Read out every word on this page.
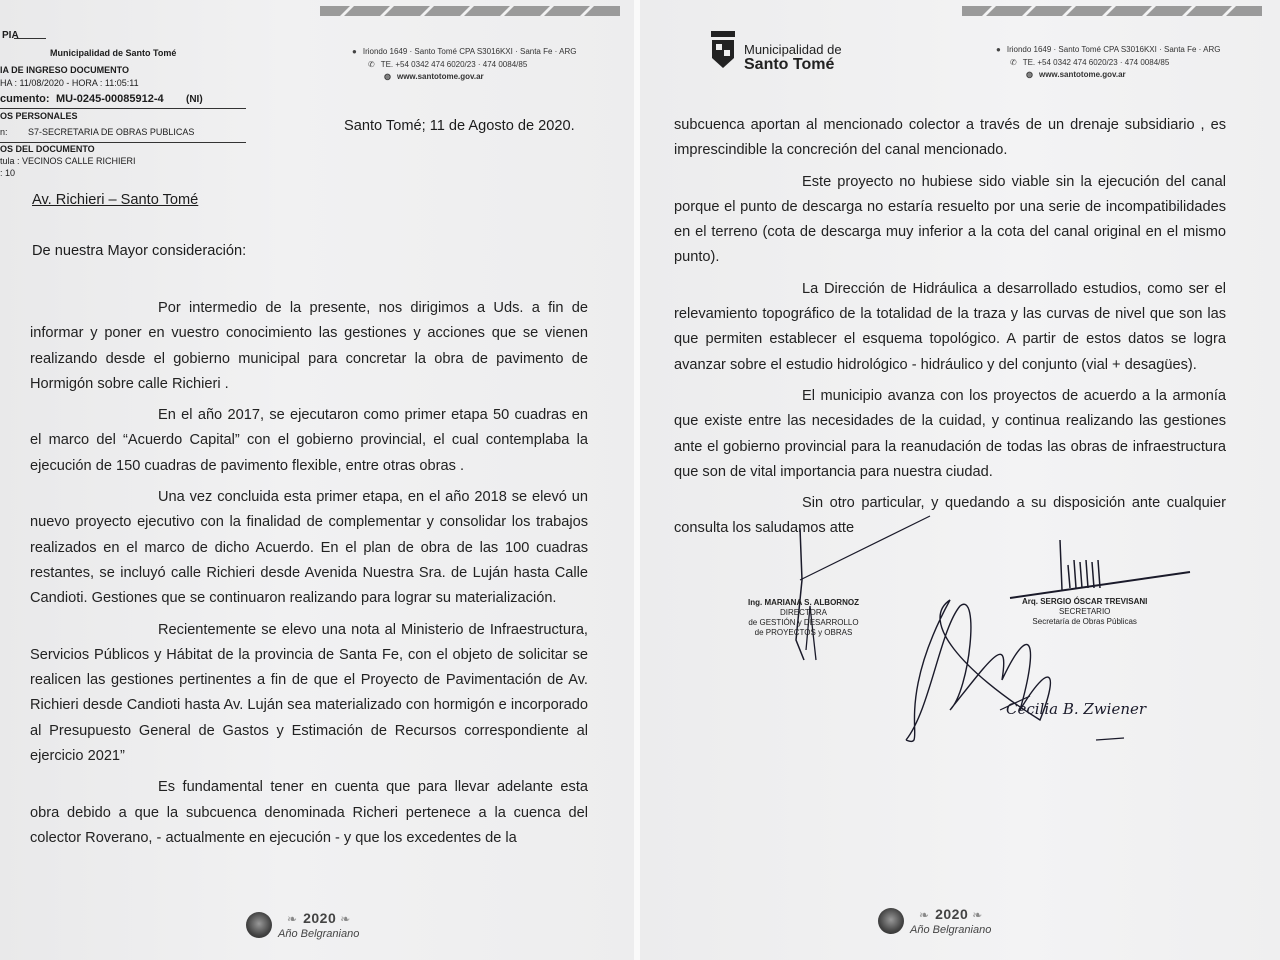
PIA
Municipalidad de Santo Tomé
IA DE INGRESO DOCUMENTO
HA : 11/08/2020 - HORA : 11:05:11
cumento: MU-0245-00085912-4 (NI)
OS PERSONALES
n: S7-SECRETARIA DE OBRAS PUBLICAS
OS DEL DOCUMENTO
tula : VECINOS CALLE RICHIERI
: 10
● Iriondo 1649 · Santo Tomé CPA S3016KXI · Santa Fe · ARG
✆ TE. +54 0342 474 6020/23 · 474 0084/85
◍ www.santotome.gov.ar
Santo Tomé; 11 de Agosto de 2020.
Av. Richieri – Santo Tomé
De nuestra Mayor consideración:

Por intermedio de la presente, nos dirigimos a Uds. a fin de informar y poner en vuestro conocimiento las gestiones y acciones que se vienen realizando desde el gobierno municipal para concretar la obra de pavimento de Hormigón sobre calle Richieri .

En el año 2017, se ejecutaron como primer etapa 50 cuadras en el marco del “Acuerdo Capital” con el gobierno provincial, el cual contemplaba la ejecución de 150 cuadras de pavimento flexible, entre otras obras .

Una vez concluida esta primer etapa, en el año 2018 se elevó un nuevo proyecto ejecutivo con la finalidad de complementar y consolidar los trabajos realizados en el marco de dicho Acuerdo. En el plan de obra de las 100 cuadras restantes, se incluyó calle Richieri desde Avenida Nuestra Sra. de Luján hasta Calle Candioti. Gestiones que se continuaron realizando para lograr su materialización.

Recientemente se elevo una nota al Ministerio de Infraestructura, Servicios Públicos y Hábitat de la provincia de Santa Fe, con el objeto de solicitar se realicen las gestiones pertinentes a fin de que el Proyecto de Pavimentación de Av. Richieri desde Candioti hasta Av. Luján sea materializado con hormigón e incorporado al Presupuesto General de Gastos y Estimación de Recursos correspondiente al ejercicio 2021”

Es fundamental tener en cuenta que para llevar adelante esta obra debido a que la subcuenca denominada Richeri pertenece a la cuenca del colector Roverano, - actualmente en ejecución - y que los excedentes de la

❧ 2020 ❧
Año Belgraniano
Municipalidad de
Santo Tomé
● Iriondo 1649 · Santo Tomé CPA S3016KXI · Santa Fe · ARG
✆ TE. +54 0342 474 6020/23 · 474 0084/85
◍ www.santotome.gov.ar

subcuenca aportan al mencionado colector a través de un drenaje subsidiario , es imprescindible la concreción del canal mencionado.

Este proyecto no hubiese sido viable sin la ejecución del canal porque el punto de descarga no estaría resuelto por una serie de incompatibilidades en el terreno (cota de descarga muy inferior a la cota del canal original en el mismo punto).

La Dirección de Hidráulica a desarrollado estudios, como ser el relevamiento topográfico de la totalidad de la traza y las curvas de nivel que son las que permiten establecer el esquema topológico. A partir de estos datos se logra avanzar sobre el estudio hidrológico - hidráulico y del conjunto (vial + desagües).

El municipio avanza con los proyectos de acuerdo a la armonía que existe entre las necesidades de la cuidad, y continua realizando las gestiones ante el gobierno provincial para la reanudación de todas las obras de infraestructura que son de vital importancia para nuestra ciudad.

Sin otro particular, y quedando a su disposición ante cualquier consulta los saludamos atte

Ing. MARIANA S. ALBORNOZ
DIRECTORA
de GESTIÓN y DESARROLLO
de PROYECTOS y OBRAS
Arq. SERGIO ÓSCAR TREVISANI
SECRETARIO
Secretaría de Obras Públicas
Cecilia B. Zwiener
❧ 2020 ❧
Año Belgraniano
